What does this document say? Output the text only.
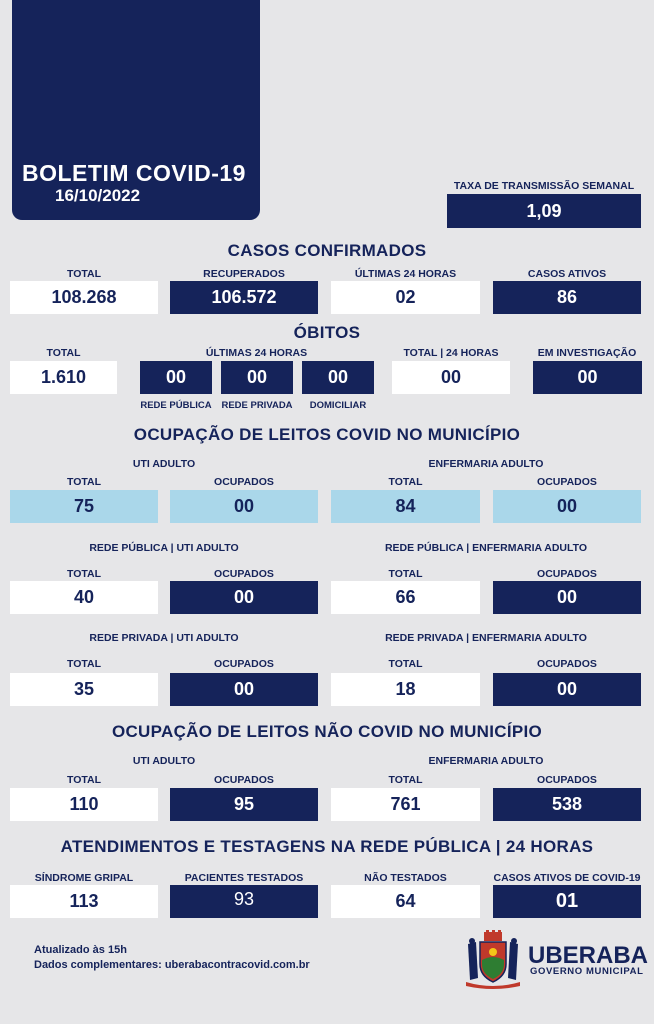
BOLETIM COVID-19
16/10/2022	TAXA DE TRANSMISSÃO SEMANAL
1,09
CASOS CONFIRMADOS
TOTAL	RECUPERADOS	ÚLTIMAS 24 HORAS	CASOS ATIVOS
108.268	106.572	02	86
ÓBITOS
TOTAL	ÚLTIMAS 24 HORAS	TOTAL | 24 HORAS	EM INVESTIGAÇÃO
1.610	00	00	00	00	00
REDE PÚBLICA	REDE PRIVADA	DOMICILIAR
OCUPAÇÃO DE LEITOS COVID NO MUNICÍPIO
UTI ADULTO	ENFERMARIA ADULTO
TOTAL	OCUPADOS	TOTAL	OCUPADOS
75	00	84	00
REDE PÚBLICA | UTI ADULTO	REDE PÚBLICA | ENFERMARIA ADULTO
TOTAL	OCUPADOS	TOTAL	OCUPADOS
40	00	66	00
REDE PRIVADA | UTI ADULTO	REDE PRIVADA | ENFERMARIA ADULTO
TOTAL	OCUPADOS	TOTAL	OCUPADOS
35	00	18	00
OCUPAÇÃO DE LEITOS NÃO COVID NO MUNICÍPIO
UTI ADULTO	ENFERMARIA ADULTO
TOTAL	OCUPADOS	TOTAL	OCUPADOS
110	95	761	538
ATENDIMENTOS E TESTAGENS NA REDE PÚBLICA | 24 HORAS
SÍNDROME GRIPAL	PACIENTES TESTADOS	NÃO TESTADOS	CASOS ATIVOS DE COVID-19
113	93	64	01
Atualizado às 15h
Dados complementares: uberabacontracovid.com.br	UBERABA
GOVERNO MUNICIPAL
